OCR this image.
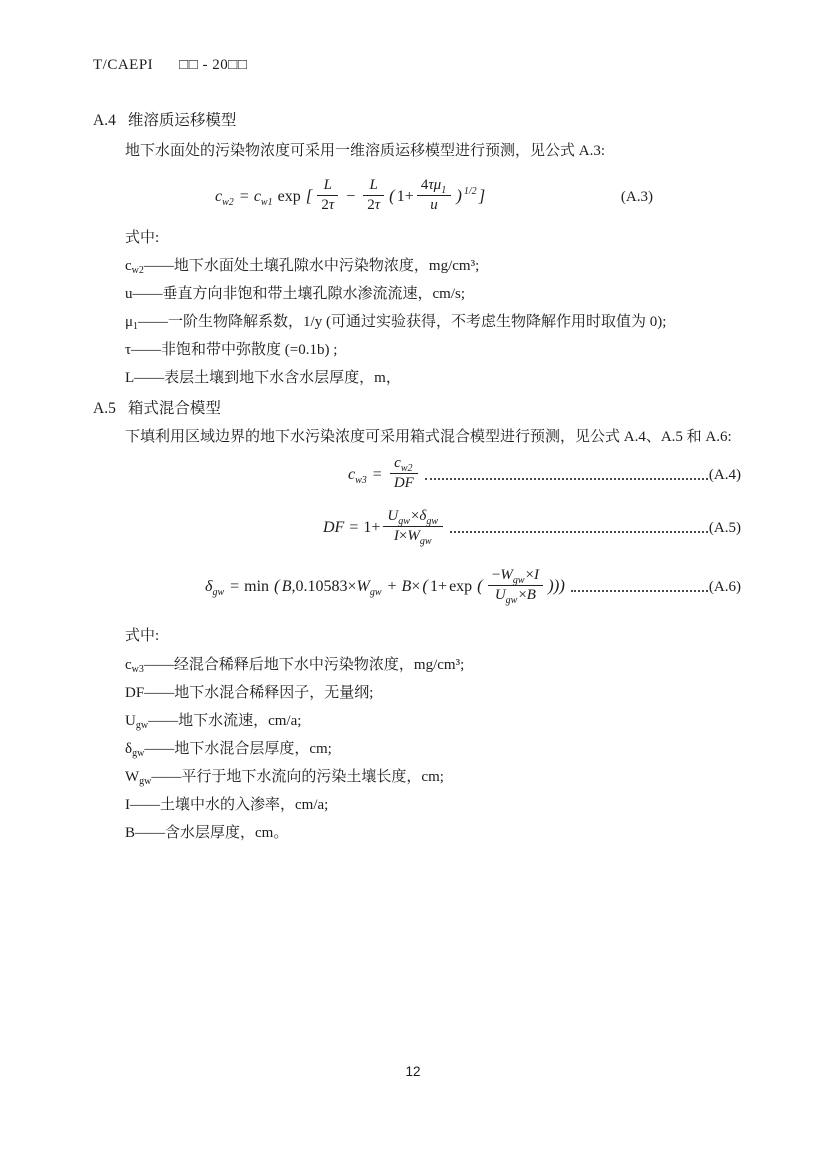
T/CAEPI □□ - 20□□
A.4 维溶质运移模型
地下水面处的污染物浓度可采用一维溶质运移模型进行预测，见公式 A.3:
$c_{w2} = c_{w1}$ exp [ $\frac{L}{2\tau} - \frac{L}{2\tau}$ ( $1+ \frac{4\tau\mu_1}{u}$ ) $^{1/2}$ ]	(A.3)
式中:
$c_{w2}——$地下水面处土壤孔隙水中污染物浓度，mg/cm³;
u——垂直方向非饱和带土壤孔隙水渗流流速，cm/s;
$\mu_1——$一阶生物降解系数，1/y (可通过实验获得，不考虑生物降解作用时取值为 0);
τ——非饱和带中弥散度 (=0.1b) ;
L——表层土壤到地下水含水层厚度，m，
A.5 箱式混合模型
下填利用区域边界的地下水污染浓度可采用箱式混合模型进行预测，见公式 A.4、A.5 和 A.6:
$c_{w3} = \frac{c_{w2}}{DF}$	(A.4)
DF = $1+ \frac{U_{gw}\times\delta_{gw}}{I\times W_{gw}}$	(A.5)
$\delta_{gw} = \min$ ( $B,0.10583\times W_{gw} + B\times$ ( 1+ exp ( $\frac{-W_{gw}\times I}{U_{gw}\times B}$ )))	(A.6)
式中:
$c_{w3}——$经混合稀释后地下水中污染物浓度，mg/cm³;
DF——地下水混合稀释因子，无量纲;
$U_{gw}——$地下水流速，cm/a;
$\delta_{gw}——$地下水混合层厚度，cm;
$W_{gw}——$平行于地下水流向的污染土壤长度，cm;
I——土壤中水的入渗率，cm/a;
B——含水层厚度，cm。
12
